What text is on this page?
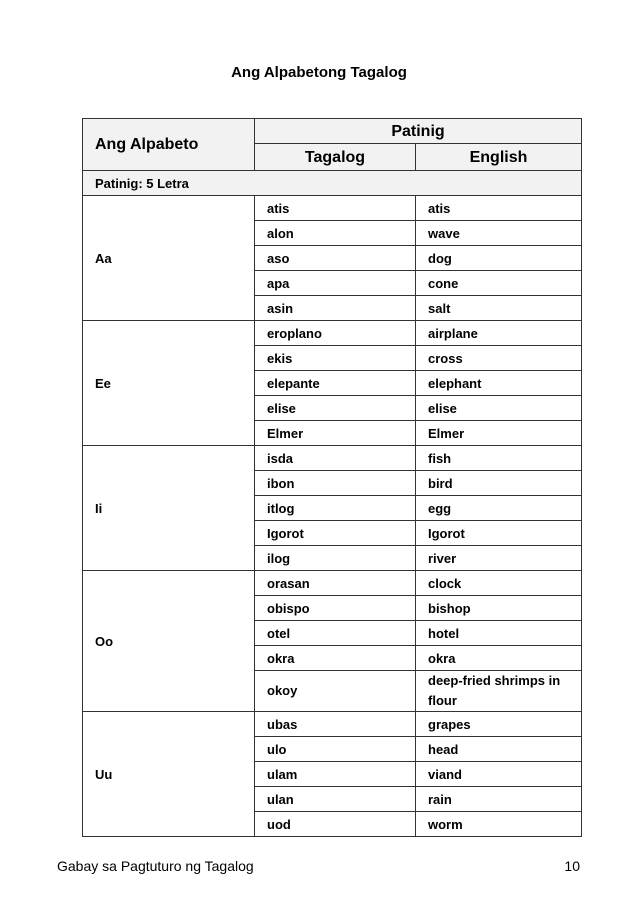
Ang Alpabetong Tagalog
Ang Alpabeto	Patinig	
	Tagalog	English
Patinig: 5 Letra		
Aa	atis	atis
	alon	wave
	aso	dog
	apa	cone
	asin	salt
Ee	eroplano	airplane
	ekis	cross
	elepante	elephant
	elise	elise
	Elmer	Elmer
Ii	isda	fish
	ibon	bird
	itlog	egg
	Igorot	Igorot
	ilog	river
Oo	orasan	clock
	obispo	bishop
	otel	hotel
	okra	okra
	okoy	deep-fried shrimps in flour
Uu	ubas	grapes
	ulo	head
	ulam	viand
	ulan	rain
	uod	worm
Gabay sa Pagtuturo ng Tagalog	10
